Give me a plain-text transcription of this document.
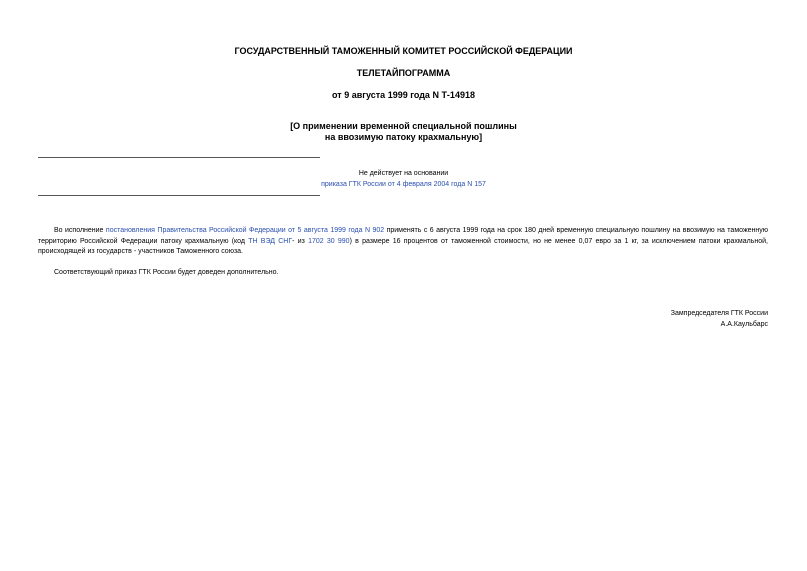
ГОСУДАРСТВЕННЫЙ ТАМОЖЕННЫЙ КОМИТЕТ РОССИЙСКОЙ ФЕДЕРАЦИИ
ТЕЛЕТАЙПОГРАММА
от 9 августа 1999 года N Т-14918
[О применении временной специальной пошлины
на ввозимую патоку крахмальную]
Не действует на основании
приказа ГТК России от 4 февраля 2004 года N 157
Во исполнение постановления Правительства Российской Федерации от 5 августа 1999 года N 902 применять с 6 августа 1999 года на срок 180 дней временную специальную пошлину на ввозимую на таможенную территорию Российской Федерации патоку крахмальную (код ТН ВЭД СНГ- из 1702 30 990) в размере 16 процентов от таможенной стоимости, но не менее 0,07 евро за 1 кг, за исключением патоки крахмальной, происходящей из государств - участников Таможенного союза.
Соответствующий приказ ГТК России будет доведен дополнительно.
Зампредседателя ГТК России
А.А.Каульбарс
